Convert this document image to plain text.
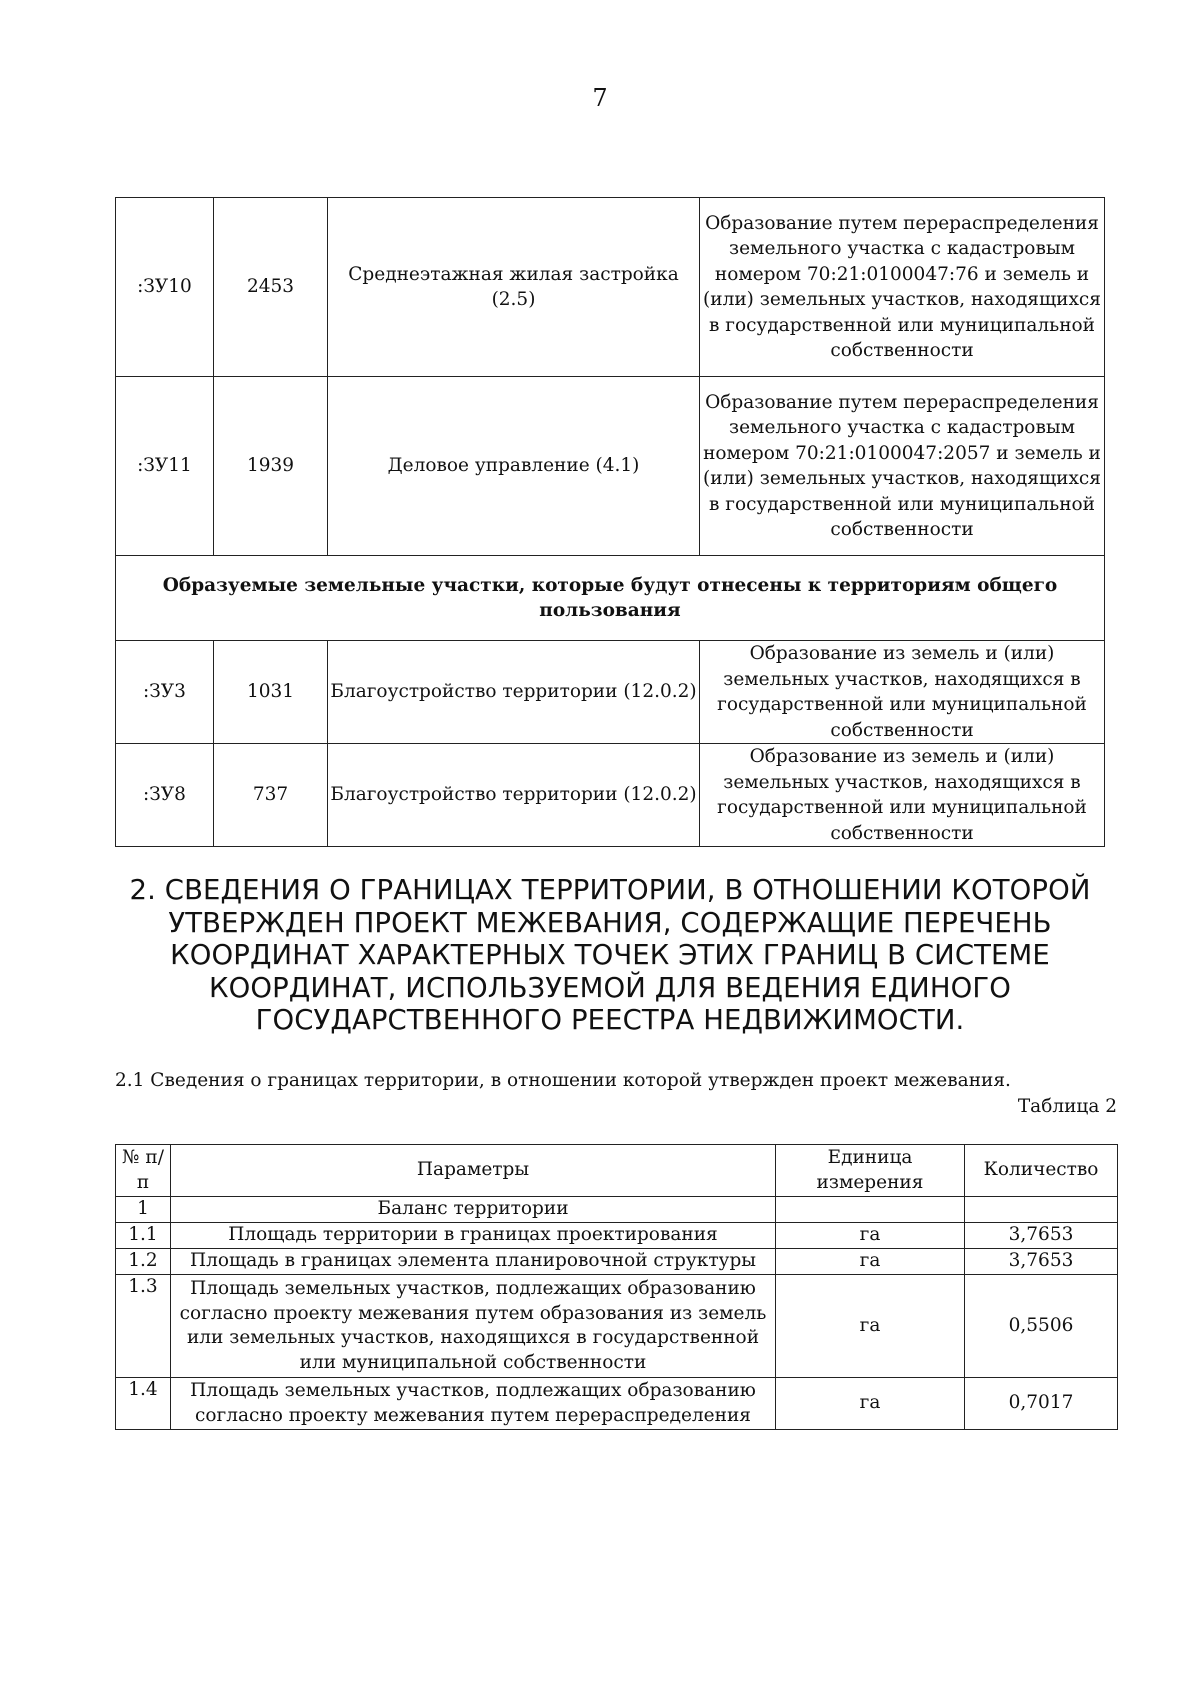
7
:ЗУ10	2453	Среднеэтажная жилая застройка (2.5)	Образование путем перераспределения земельного участка с кадастровым номером 70:21:0100047:76 и земель и (или) земельных участков, находящихся в государственной или муниципальной собственности
:ЗУ11	1939	Деловое управление (4.1)	Образование путем перераспределения земельного участка с кадастровым номером 70:21:0100047:2057 и земель и (или) земельных участков, находящихся в государственной или муниципальной собственности
Образуемые земельные участки, которые будут отнесены к территориям общего пользования			
:ЗУ3	1031	Благоустройство территории (12.0.2)	Образование из земель и (или) земельных участков, находящихся в государственной или муниципальной собственности
:ЗУ8	737	Благоустройство территории (12.0.2)	Образование из земель и (или) земельных участков, находящихся в государственной или муниципальной собственности
2. СВЕДЕНИЯ О ГРАНИЦАХ ТЕРРИТОРИИ, В ОТНОШЕНИИ КОТОРОЙ УТВЕРЖДЕН ПРОЕКТ МЕЖЕВАНИЯ, СОДЕРЖАЩИЕ ПЕРЕЧЕНЬ КООРДИНАТ ХАРАКТЕРНЫХ ТОЧЕК ЭТИХ ГРАНИЦ В СИСТЕМЕ КООРДИНАТ, ИСПОЛЬЗУЕМОЙ ДЛЯ ВЕДЕНИЯ ЕДИНОГО ГОСУДАРСТВЕННОГО РЕЕСТРА НЕДВИЖИМОСТИ.
2.1 Сведения о границах территории, в отношении которой утвержден проект межевания.
Таблица 2
№ п/п	Параметры	Единица измерения	Количество
1	Баланс территории		
1.1	Площадь территории в границах проектирования	га	3,7653
1.2	Площадь в границах элемента планировочной структуры	га	3,7653
1.3	Площадь земельных участков, подлежащих образованию согласно проекту межевания путем образования из земель или земельных участков, находящихся в государственной или муниципальной собственности	га	0,5506
1.4	Площадь земельных участков, подлежащих образованию согласно проекту межевания путем перераспределения	га	0,7017
